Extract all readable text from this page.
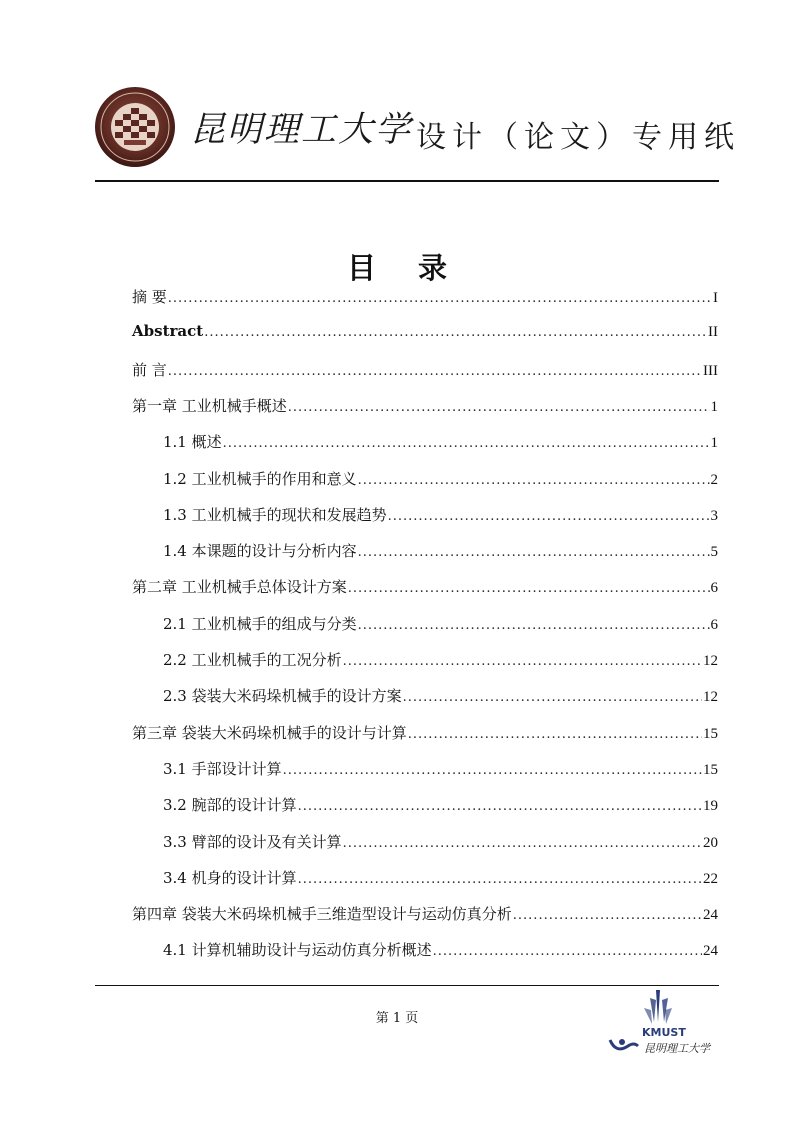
昆明理工大学 设计（论文）专用纸
目 录
摘 要 .....	I
Abstract .....	II
前 言 .....	III
第一章 工业机械手概述 .....	1
1.1 概述 .....	1
1.2 工业机械手的作用和意义 .....	2
1.3 工业机械手的现状和发展趋势 .....	3
1.4 本课题的设计与分析内容 .....	5
第二章 工业机械手总体设计方案 .....	6
2.1 工业机械手的组成与分类 .....	6
2.2 工业机械手的工况分析 .....	12
2.3 袋装大米码垛机械手的设计方案 .....	12
第三章 袋装大米码垛机械手的设计与计算 .....	15
3.1 手部设计计算 .....	15
3.2 腕部的设计计算 .....	19
3.3 臂部的设计及有关计算 .....	20
3.4 机身的设计计算 .....	22
第四章 袋装大米码垛机械手三维造型设计与运动仿真分析 .....	24
4.1 计算机辅助设计与运动仿真分析概述 .....	24
第 1 页
KMUST
昆明理工大学
